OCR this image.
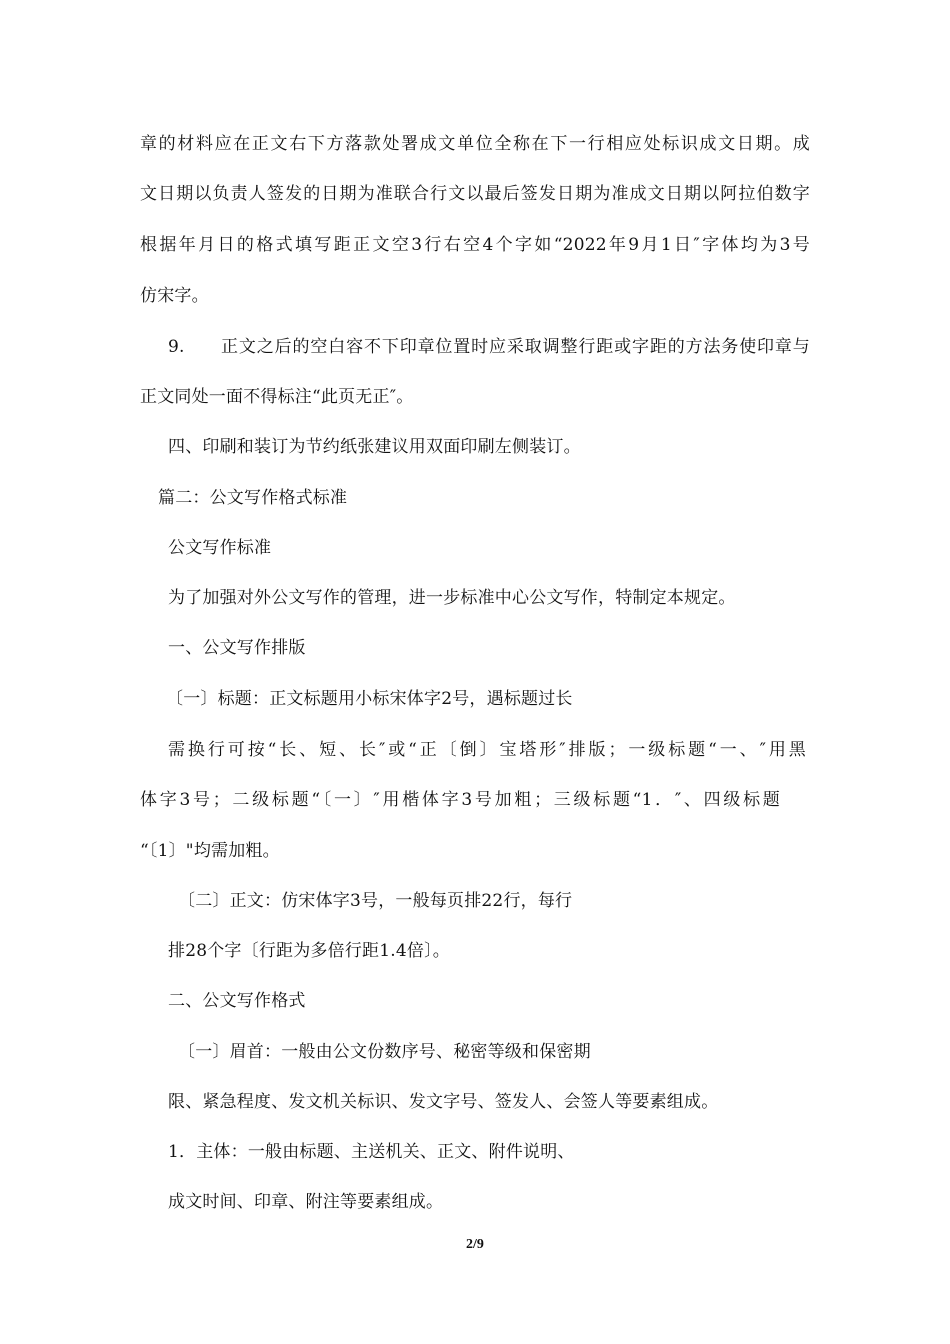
章的材料应在正文右下方落款处署成文单位全称在下一行相应处标识成文日期。成
文日期以负责人签发的日期为准联合行文以最后签发日期为准成文日期以阿拉伯数字
根据年月日的格式填写距正文空3行右空4个字如“2022年9月1日″字体均为3号
仿宋字。
9.　　正文之后的空白容不下印章位置时应采取调整行距或字距的方法务使印章与
正文同处一面不得标注“此页无正″。
四、印刷和装订为节约纸张建议用双面印刷左侧装订。
篇二：公文写作格式标准
公文写作标准
为了加强对外公文写作的管理，进一步标准中心公文写作，特制定本规定。
一、公文写作排版
〔一〕标题：正文标题用小标宋体字2号，遇标题过长
需换行可按“长、短、长″或“正〔倒〕宝塔形″排版；一级标题“一、″用黑
体字3号；二级标题“〔一〕″用楷体字3号加粗；三级标题“1．″、四级标题
“〔1〕"均需加粗。
〔二〕正文：仿宋体字3号，一般每页排22行，每行
排28个字〔行距为多倍行距1.4倍〕。
二、公文写作格式
〔一〕眉首：一般由公文份数序号、秘密等级和保密期
限、紧急程度、发文机关标识、发文字号、签发人、会签人等要素组成。
1．主体：一般由标题、主送机关、正文、附件说明、
成文时间、印章、附注等要素组成。
2/9
